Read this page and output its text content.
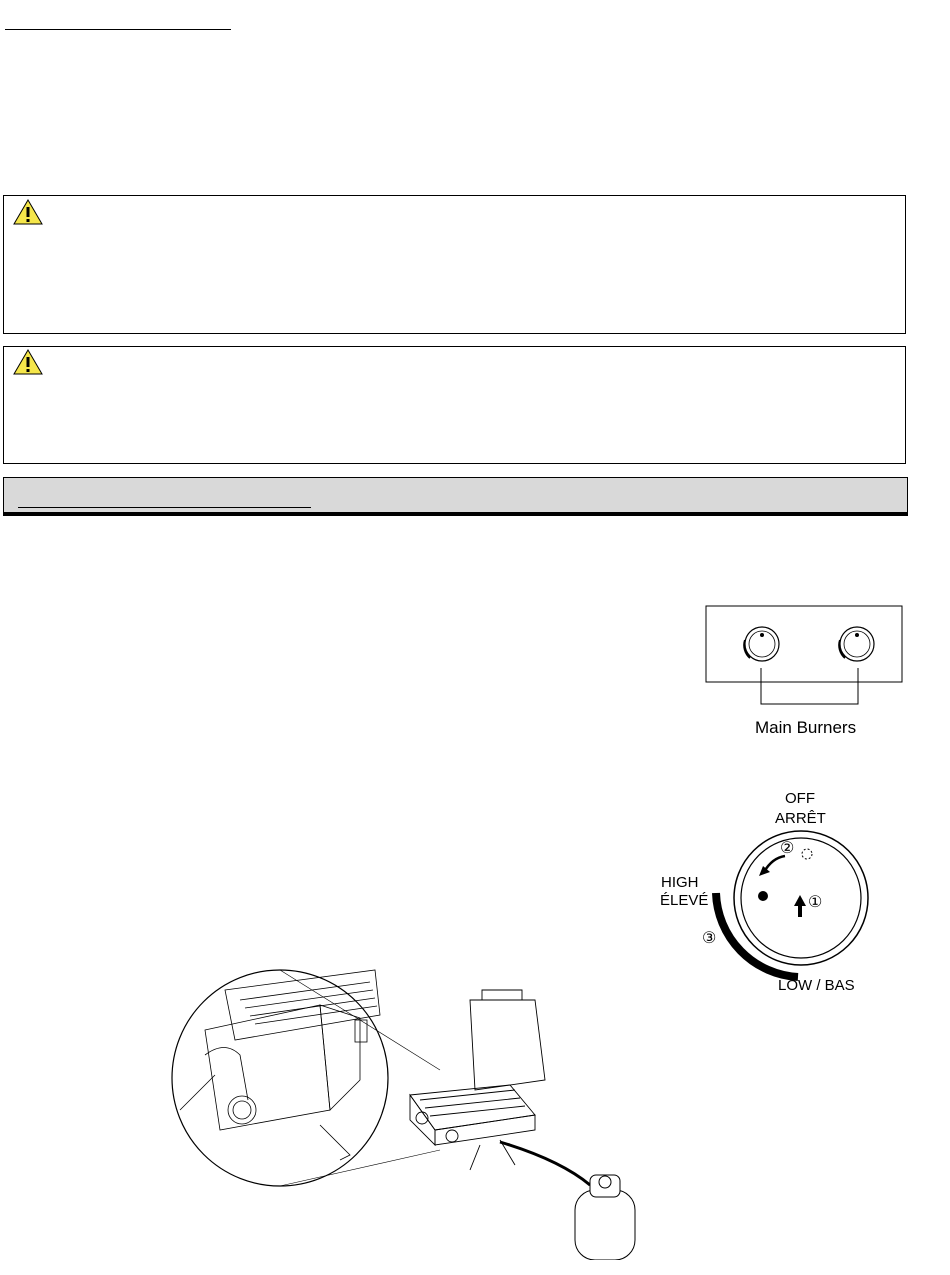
Main Burners
OFF
ARRÊT
HIGH
ÉLEVÉ
LOW / BAS
①
②
③
